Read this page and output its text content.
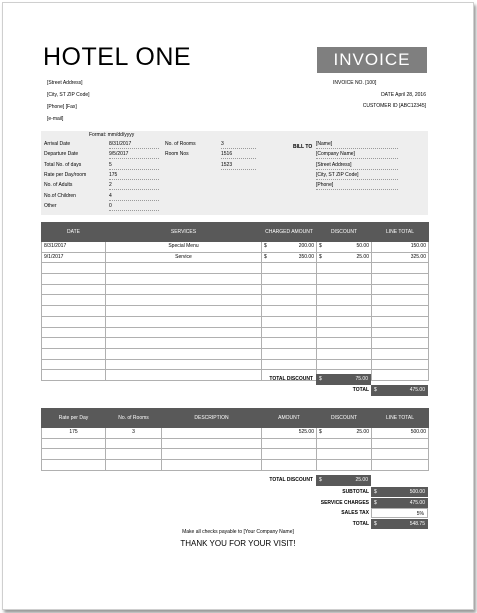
HOTEL ONE	INVOICE
[Street Address]
[City, ST ZIP Code]
[Phone] [Fax]
[e-mail]
INVOICE NO. [100]
DATE April 28, 2016
CUSTOMER ID [ABC12345]
Format: mm/dd/yyyy
Arrival Date	8/31/2017
Departure Date	9/5/2017
Total No. of days	5
Rate per Day/room	175
No. of Adults	2
No.of Children	4
Other	0
No. of Rooms	3
Room Nos	1516
1523
BILL TO [Name]
[Company Name]
[Street Address]
[City, ST ZIP Code]
[Phone]
DATE	SERVICES	CHARGED AMOUNT	DISCOUNT	LINE TOTAL
8/31/2017	Special Menu	$ 200.00	$ 50.00	150.00
9/1/2017	Service	$ 350.00	$ 25.00	325.00

TOTAL DISCOUNT $	75.00
TOTAL $	475.00
Rate per Day	No. of Rooms	DESCRIPTION	AMOUNT	DISCOUNT	LINE TOTAL
175	3		525.00	$ 25.00	500.00

TOTAL DISCOUNT $	25.00
SUBTOTAL $	500.00
SERVICE CHARGES $	475.00
SALES TAX	5%
TOTAL $	548.75
Make all checks payable to [Your Company Name]
THANK YOU FOR YOUR VISIT!
